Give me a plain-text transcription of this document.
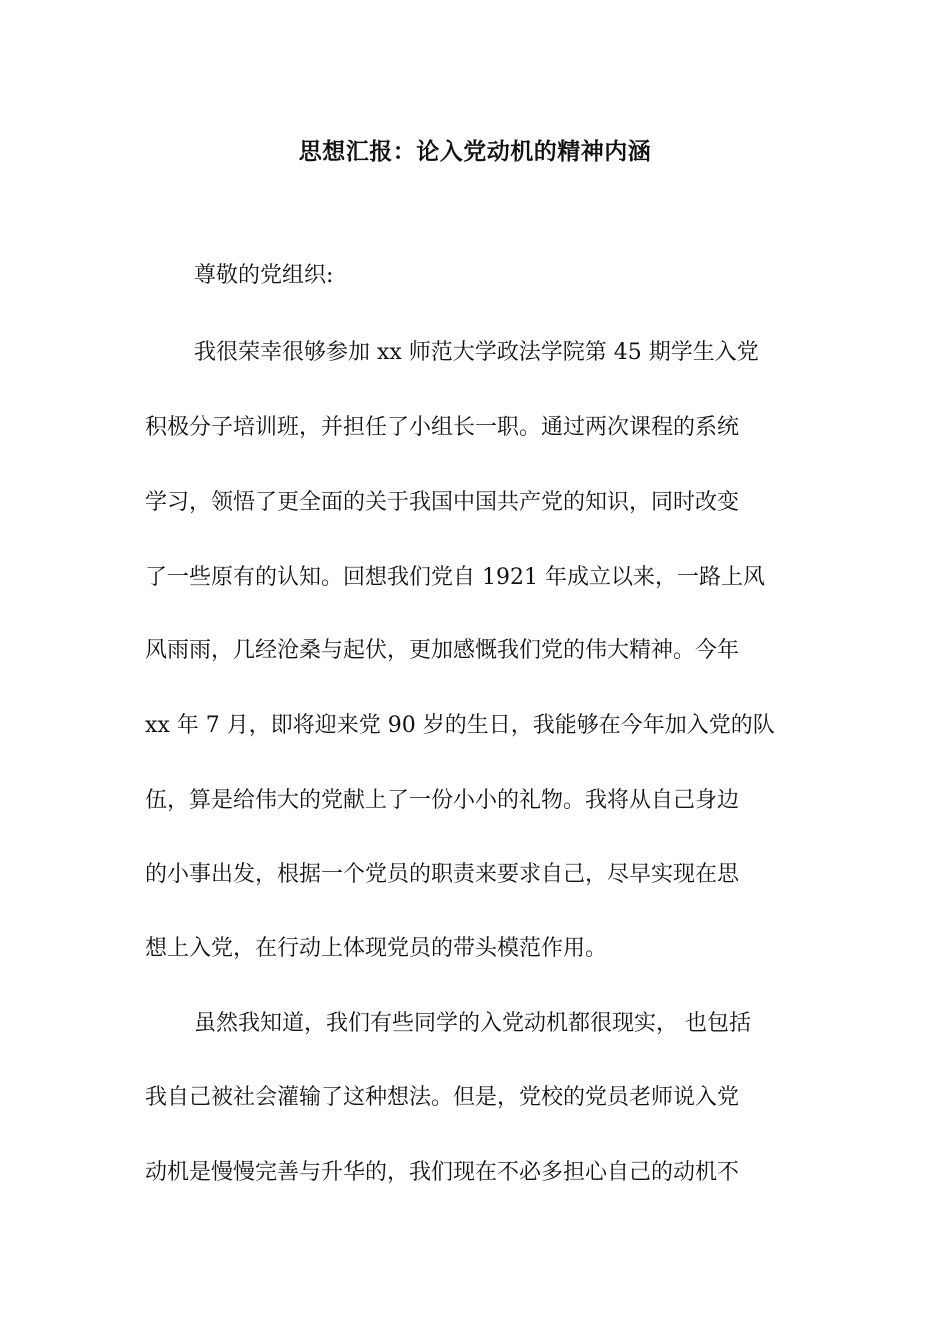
思想汇报：论入党动机的精神内涵
尊敬的党组织:
我很荣幸很够参加 xx 师范大学政法学院第 45 期学生入党
积极分子培训班，并担任了小组长一职。通过两次课程的系统
学习，领悟了更全面的关于我国中国共产党的知识，同时改变
了一些原有的认知。回想我们党自 1921 年成立以来，一路上风
风雨雨，几经沧桑与起伏，更加感慨我们党的伟大精神。今年
xx 年 7 月，即将迎来党 90 岁的生日，我能够在今年加入党的队
伍，算是给伟大的党献上了一份小小的礼物。我将从自己身边
的小事出发，根据一个党员的职责来要求自己，尽早实现在思
想上入党，在行动上体现党员的带头模范作用。
虽然我知道，我们有些同学的入党动机都很现实， 也包括
我自己被社会灌输了这种想法。但是，党校的党员老师说入党
动机是慢慢完善与升华的，我们现在不必多担心自己的动机不
